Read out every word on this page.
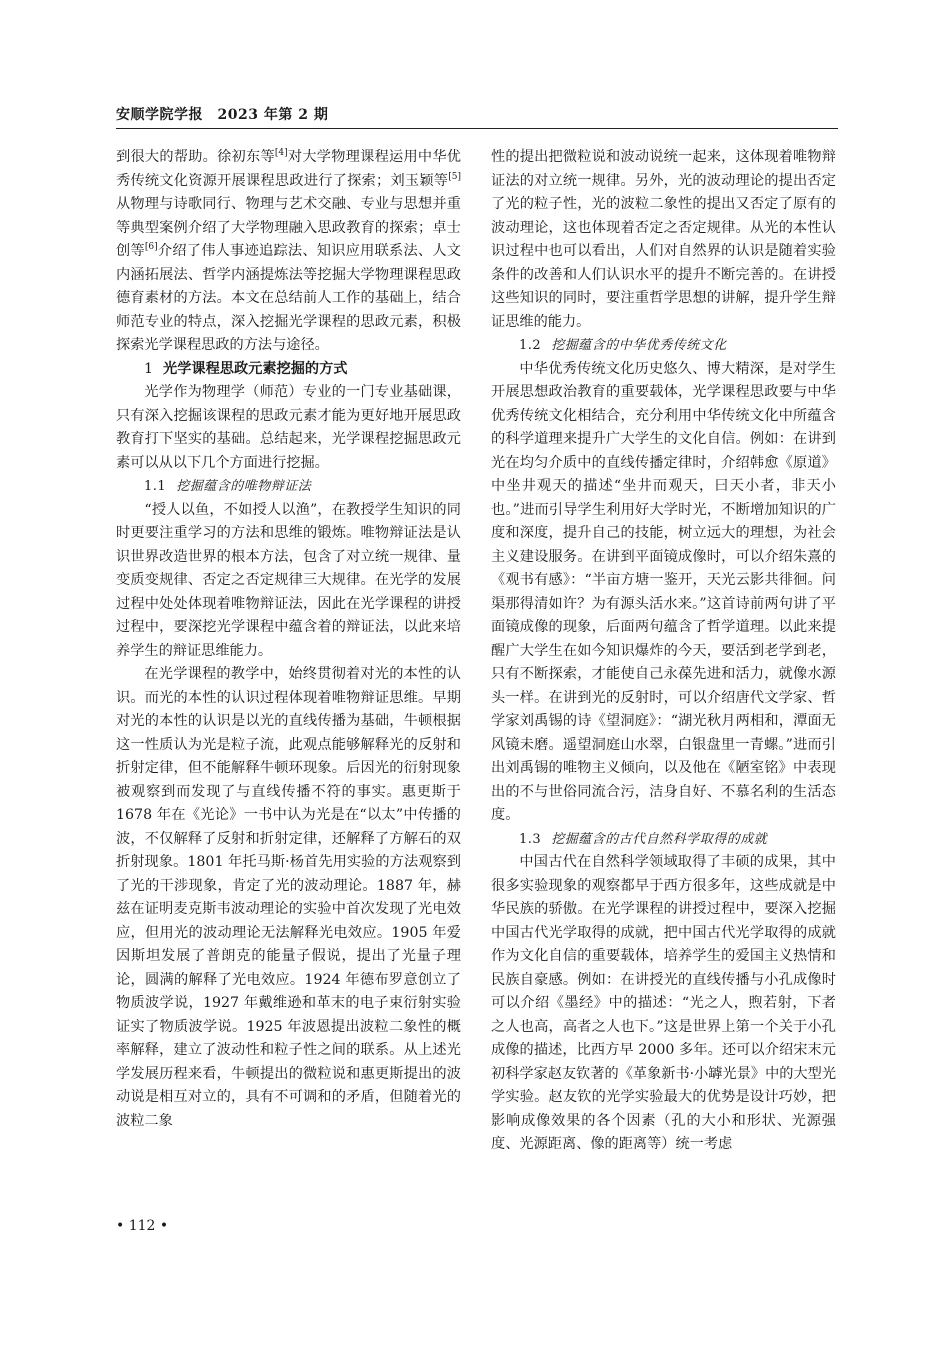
安顺学院学报　2023 年第 2 期

到很大的帮助。徐初东等[4]对大学物理课程运用中华优秀传统文化资源开展课程思政进行了探索；刘玉颖等[5]从物理与诗歌同行、物理与艺术交融、专业与思想并重等典型案例介绍了大学物理融入思政教育的探索；卓士创等[6]介绍了伟人事迹追踪法、知识应用联系法、人文内涵拓展法、哲学内涵提炼法等挖掘大学物理课程思政德育素材的方法。本文在总结前人工作的基础上，结合师范专业的特点，深入挖掘光学课程的思政元素，积极探索光学课程思政的方法与途径。

1 光学课程思政元素挖掘的方式

光学作为物理学（师范）专业的一门专业基础课，只有深入挖掘该课程的思政元素才能为更好地开展思政教育打下坚实的基础。总结起来，光学课程挖掘思政元素可以从以下几个方面进行挖掘。

1.1 挖掘蕴含的唯物辩证法

“授人以鱼，不如授人以渔”，在教授学生知识的同时更要注重学习的方法和思维的锻炼。唯物辩证法是认识世界改造世界的根本方法，包含了对立统一规律、量变质变规律、否定之否定规律三大规律。在光学的发展过程中处处体现着唯物辩证法，因此在光学课程的讲授过程中，要深挖光学课程中蕴含着的辩证法，以此来培养学生的辩证思维能力。

在光学课程的教学中，始终贯彻着对光的本性的认识。而光的本性的认识过程体现着唯物辩证思维。早期对光的本性的认识是以光的直线传播为基础，牛顿根据这一性质认为光是粒子流，此观点能够解释光的反射和折射定律，但不能解释牛顿环现象。后因光的衍射现象被观察到而发现了与直线传播不符的事实。惠更斯于 1678 年在《光论》一书中认为光是在“以太”中传播的波，不仅解释了反射和折射定律，还解释了方解石的双折射现象。1801 年托马斯·杨首先用实验的方法观察到了光的干涉现象，肯定了光的波动理论。1887 年，赫兹在证明麦克斯韦波动理论的实验中首次发现了光电效应，但用光的波动理论无法解释光电效应。1905 年爱因斯坦发展了普朗克的能量子假说，提出了光量子理论，圆满的解释了光电效应。1924 年德布罗意创立了物质波学说，1927 年戴维逊和革末的电子束衍射实验证实了物质波学说。1925 年波恩提出波粒二象性的概率解释，建立了波动性和粒子性之间的联系。从上述光学发展历程来看，牛顿提出的微粒说和惠更斯提出的波动说是相互对立的，具有不可调和的矛盾，但随着光的波粒二象

性的提出把微粒说和波动说统一起来，这体现着唯物辩证法的对立统一规律。另外，光的波动理论的提出否定了光的粒子性，光的波粒二象性的提出又否定了原有的波动理论，这也体现着否定之否定规律。从光的本性认识过程中也可以看出，人们对自然界的认识是随着实验条件的改善和人们认识水平的提升不断完善的。在讲授这些知识的同时，要注重哲学思想的讲解，提升学生辩证思维的能力。

1.2 挖掘蕴含的中华优秀传统文化

中华优秀传统文化历史悠久、博大精深，是对学生开展思想政治教育的重要载体，光学课程思政要与中华优秀传统文化相结合，充分利用中华传统文化中所蕴含的科学道理来提升广大学生的文化自信。例如：在讲到光在均匀介质中的直线传播定律时，介绍韩愈《原道》中坐井观天的描述“坐井而观天，曰天小者，非天小也。”进而引导学生利用好大学时光，不断增加知识的广度和深度，提升自己的技能，树立远大的理想，为社会主义建设服务。在讲到平面镜成像时，可以介绍朱熹的《观书有感》：“半亩方塘一鉴开，天光云影共徘徊。问渠那得清如许？为有源头活水来。”这首诗前两句讲了平面镜成像的现象，后面两句蕴含了哲学道理。以此来提醒广大学生在如今知识爆炸的今天，要活到老学到老，只有不断探索，才能使自己永葆先进和活力，就像水源头一样。在讲到光的反射时，可以介绍唐代文学家、哲学家刘禹锡的诗《望洞庭》：“湖光秋月两相和，潭面无风镜未磨。遥望洞庭山水翠，白银盘里一青螺。”进而引出刘禹锡的唯物主义倾向，以及他在《陋室铭》中表现出的不与世俗同流合污，洁身自好、不慕名利的生活态度。

1.3 挖掘蕴含的古代自然科学取得的成就

中国古代在自然科学领域取得了丰硕的成果，其中很多实验现象的观察都早于西方很多年，这些成就是中华民族的骄傲。在光学课程的讲授过程中，要深入挖掘中国古代光学取得的成就，把中国古代光学取得的成就作为文化自信的重要载体，培养学生的爱国主义热情和民族自豪感。例如：在讲授光的直线传播与小孔成像时可以介绍《墨经》中的描述：“光之人，煦若射，下者之人也高，高者之人也下。”这是世界上第一个关于小孔成像的描述，比西方早 2000 多年。还可以介绍宋末元初科学家赵友钦著的《革象新书·小罅光景》中的大型光学实验。赵友钦的光学实验最大的优势是设计巧妙，把影响成像效果的各个因素（孔的大小和形状、光源强度、光源距离、像的距离等）统一考虑

• 112 •
